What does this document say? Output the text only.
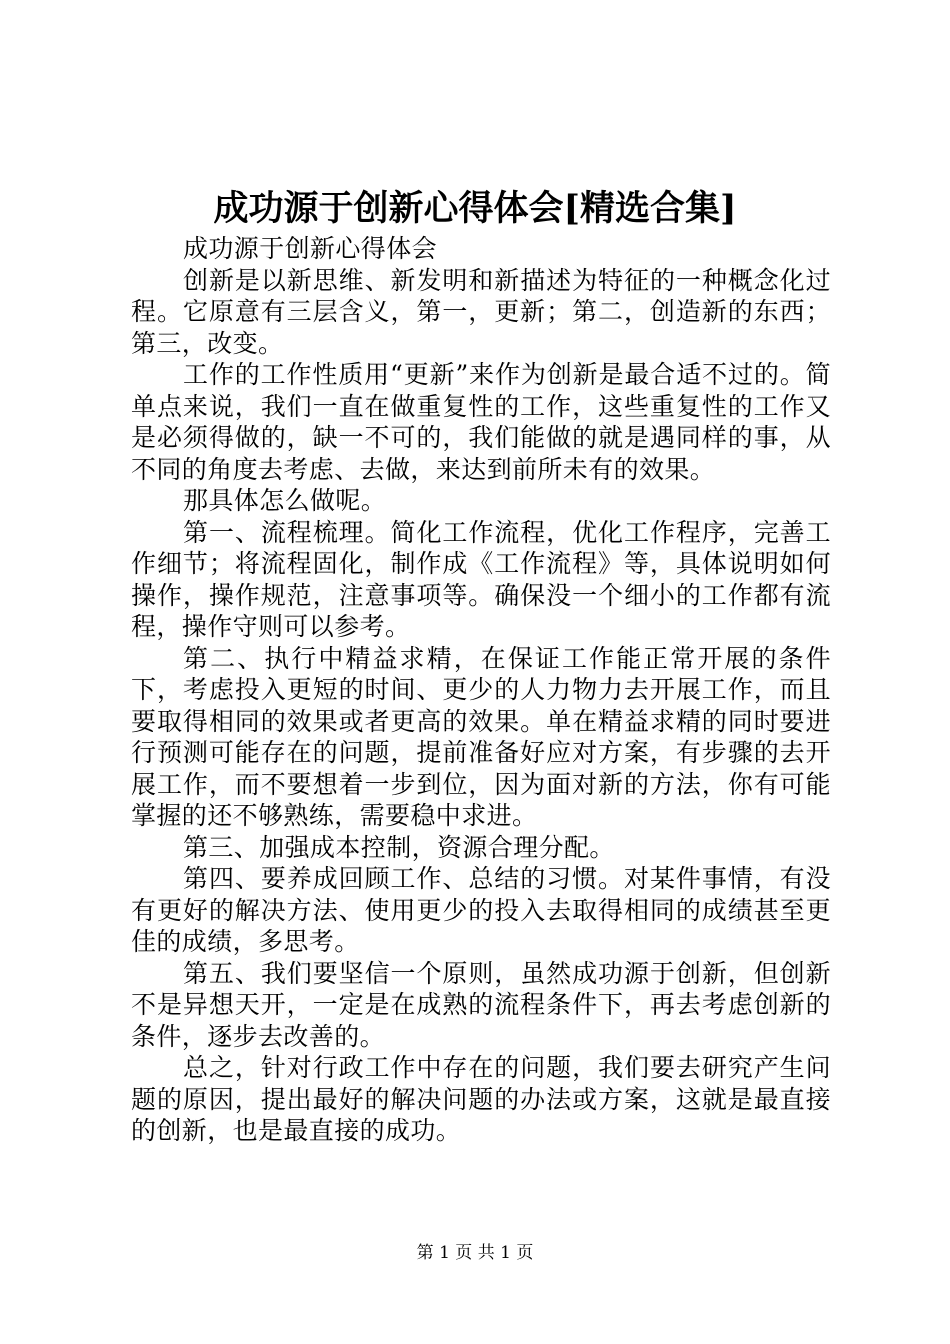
成功源于创新心得体会[精选合集]

成功源于创新心得体会

创新是以新思维、新发明和新描述为特征的一种概念化过程。它原意有三层含义，第一，更新；第二，创造新的东西；第三，改变。

工作的工作性质用“更新”来作为创新是最合适不过的。简单点来说，我们一直在做重复性的工作，这些重复性的工作又是必须得做的，缺一不可的，我们能做的就是遇同样的事，从不同的角度去考虑、去做，来达到前所未有的效果。

那具体怎么做呢。

第一、流程梳理。简化工作流程，优化工作程序，完善工作细节；将流程固化，制作成《工作流程》等，具体说明如何操作，操作规范，注意事项等。确保没一个细小的工作都有流程，操作守则可以参考。

第二、执行中精益求精，在保证工作能正常开展的条件下，考虑投入更短的时间、更少的人力物力去开展工作，而且要取得相同的效果或者更高的效果。单在精益求精的同时要进行预测可能存在的问题，提前准备好应对方案，有步骤的去开展工作，而不要想着一步到位，因为面对新的方法，你有可能掌握的还不够熟练，需要稳中求进。

第三、加强成本控制，资源合理分配。

第四、要养成回顾工作、总结的习惯。对某件事情，有没有更好的解决方法、使用更少的投入去取得相同的成绩甚至更佳的成绩，多思考。

第五、我们要坚信一个原则，虽然成功源于创新，但创新不是异想天开，一定是在成熟的流程条件下，再去考虑创新的条件，逐步去改善的。

总之，针对行政工作中存在的问题，我们要去研究产生问题的原因，提出最好的解决问题的办法或方案，这就是最直接的创新，也是最直接的成功。

第 1 页 共 1 页
